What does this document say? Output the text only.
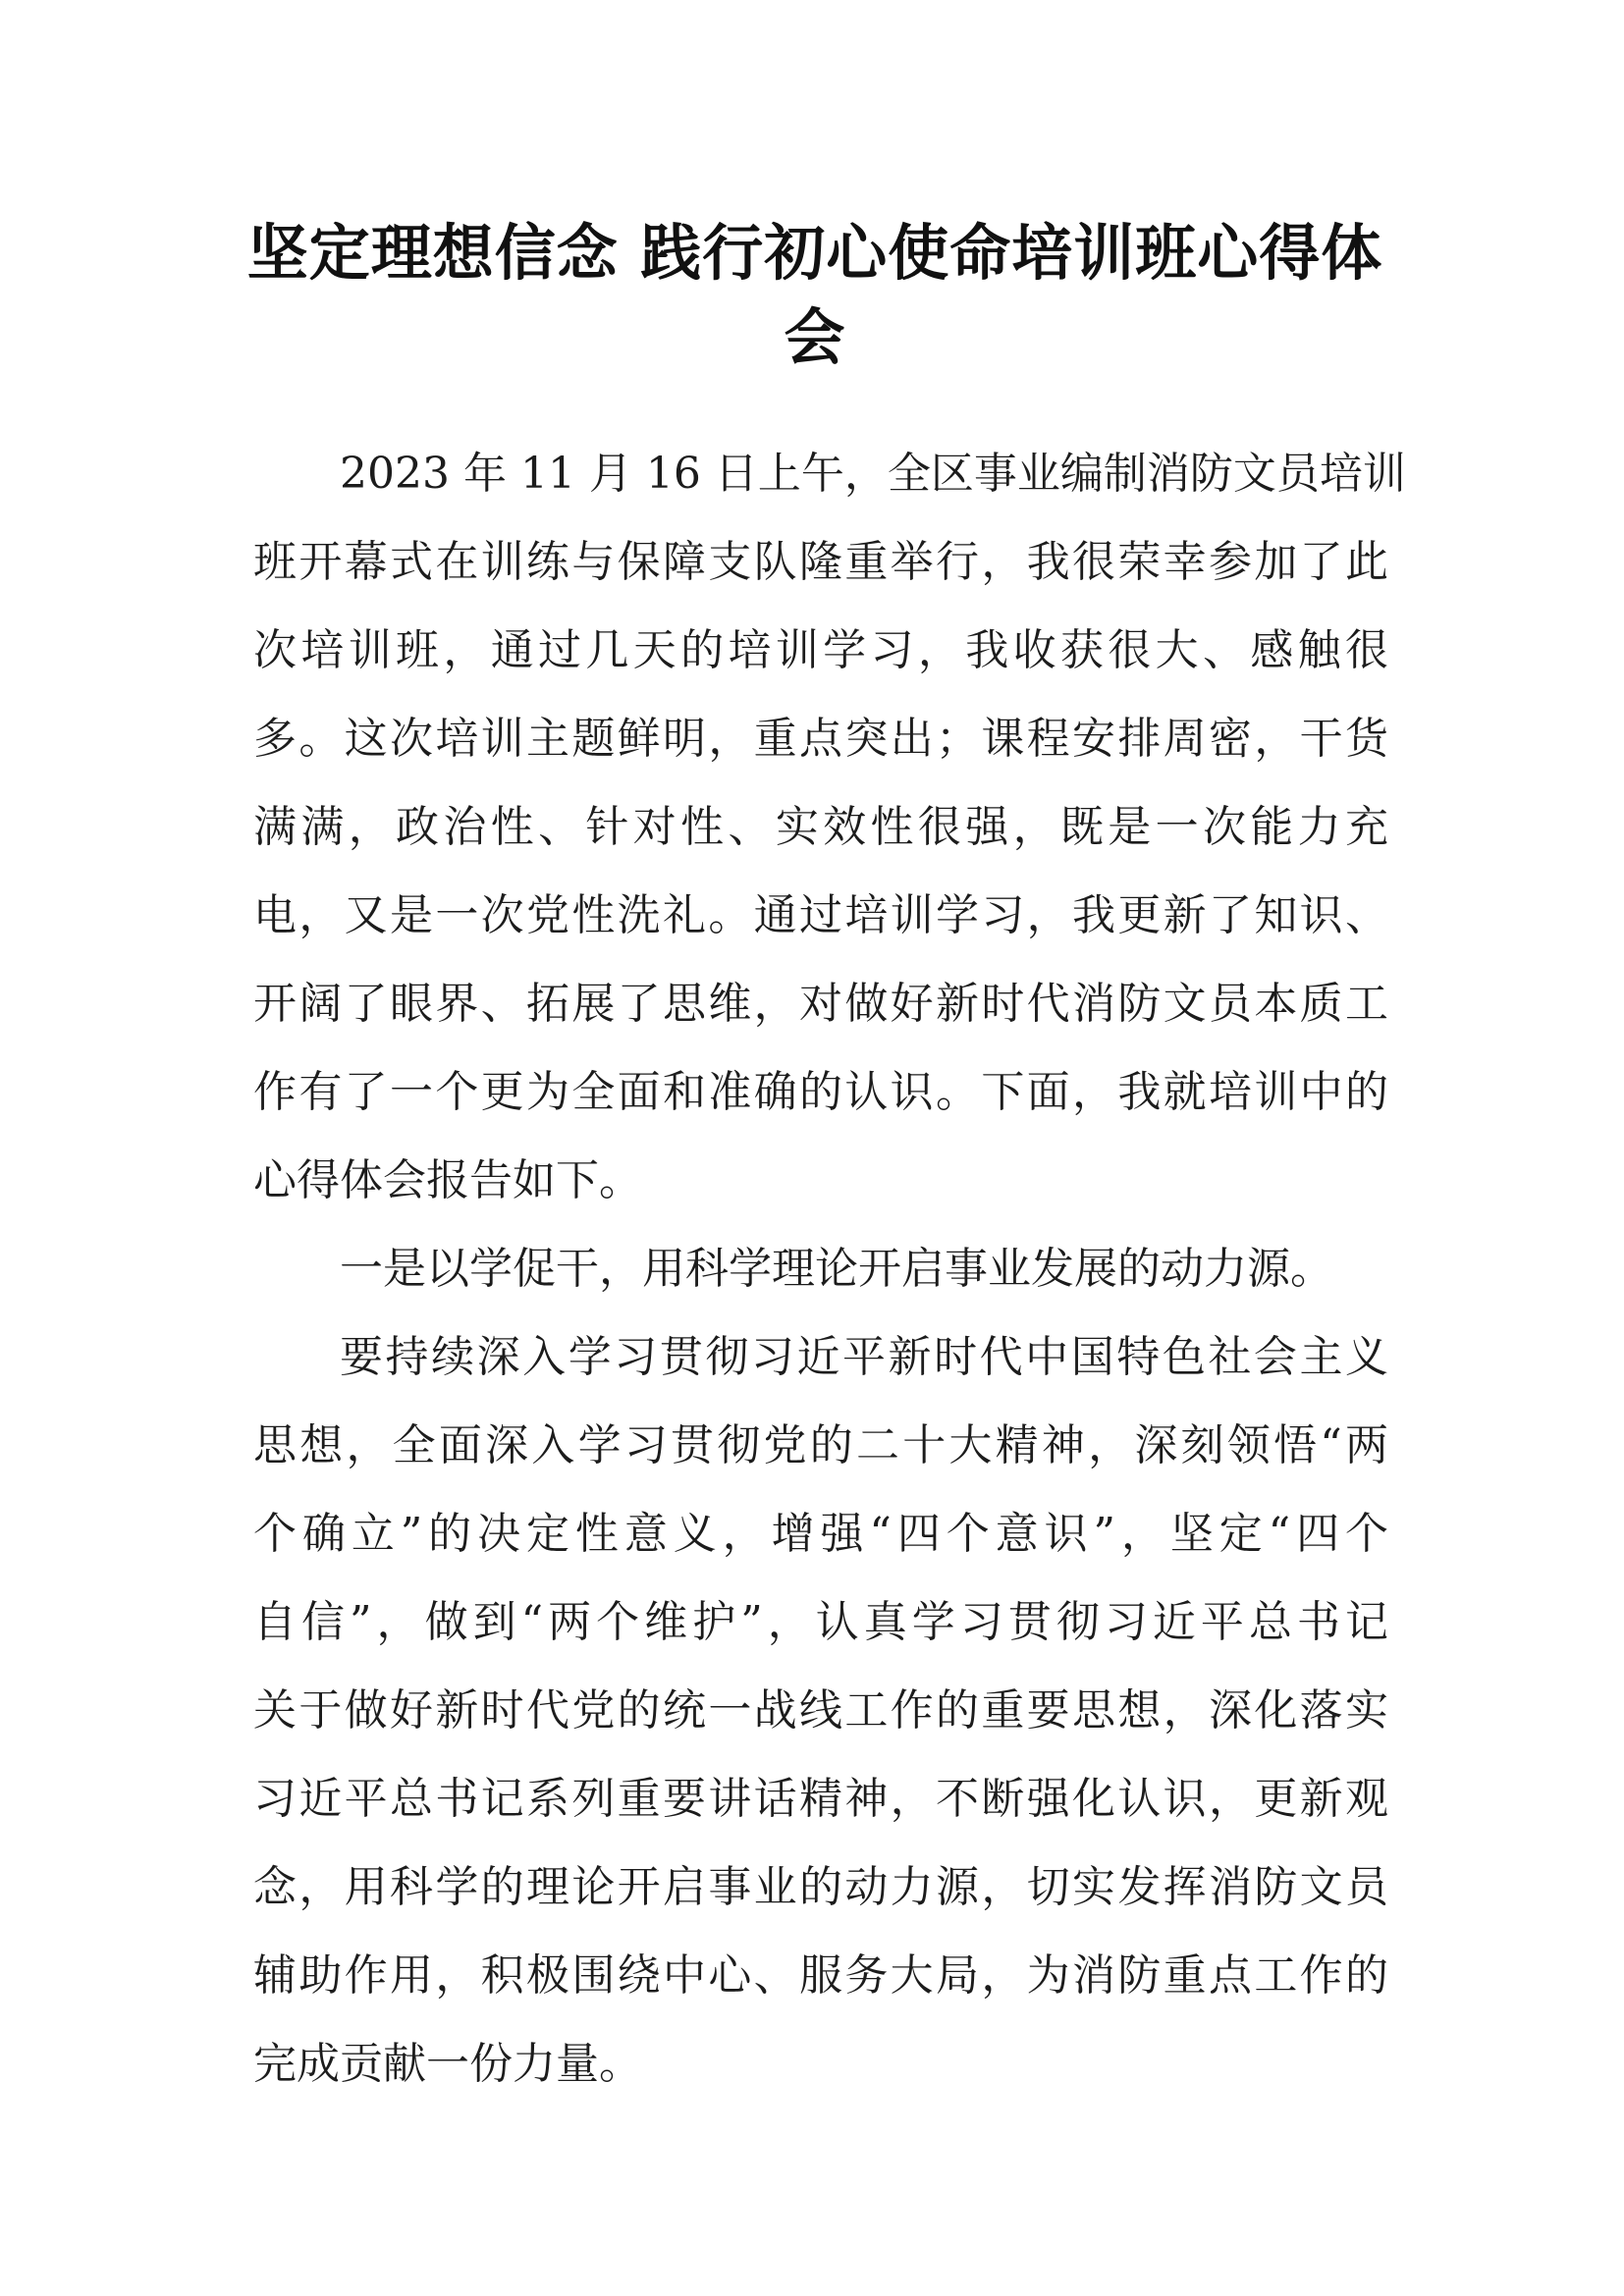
坚定理想信念 践行初心使命培训班心得体
会
2023 年 11 月 16 日上午，全区事业编制消防文员培训
班开幕式在训练与保障支队隆重举行，我很荣幸参加了此
次培训班，通过几天的培训学习，我收获很大、感触很
多。这次培训主题鲜明，重点突出；课程安排周密，干货
满满，政治性、针对性、实效性很强，既是一次能力充
电，又是一次党性洗礼。通过培训学习，我更新了知识、
开阔了眼界、拓展了思维，对做好新时代消防文员本质工
作有了一个更为全面和准确的认识。下面，我就培训中的
心得体会报告如下。
一是以学促干，用科学理论开启事业发展的动力源。
要持续深入学习贯彻习近平新时代中国特色社会主义
思想，全面深入学习贯彻党的二十大精神，深刻领悟“两
个确立”的决定性意义，增强“四个意识”，坚定“四个
自信”，做到“两个维护”，认真学习贯彻习近平总书记
关于做好新时代党的统一战线工作的重要思想，深化落实
习近平总书记系列重要讲话精神，不断强化认识，更新观
念，用科学的理论开启事业的动力源，切实发挥消防文员
辅助作用，积极围绕中心、服务大局，为消防重点工作的
完成贡献一份力量。
